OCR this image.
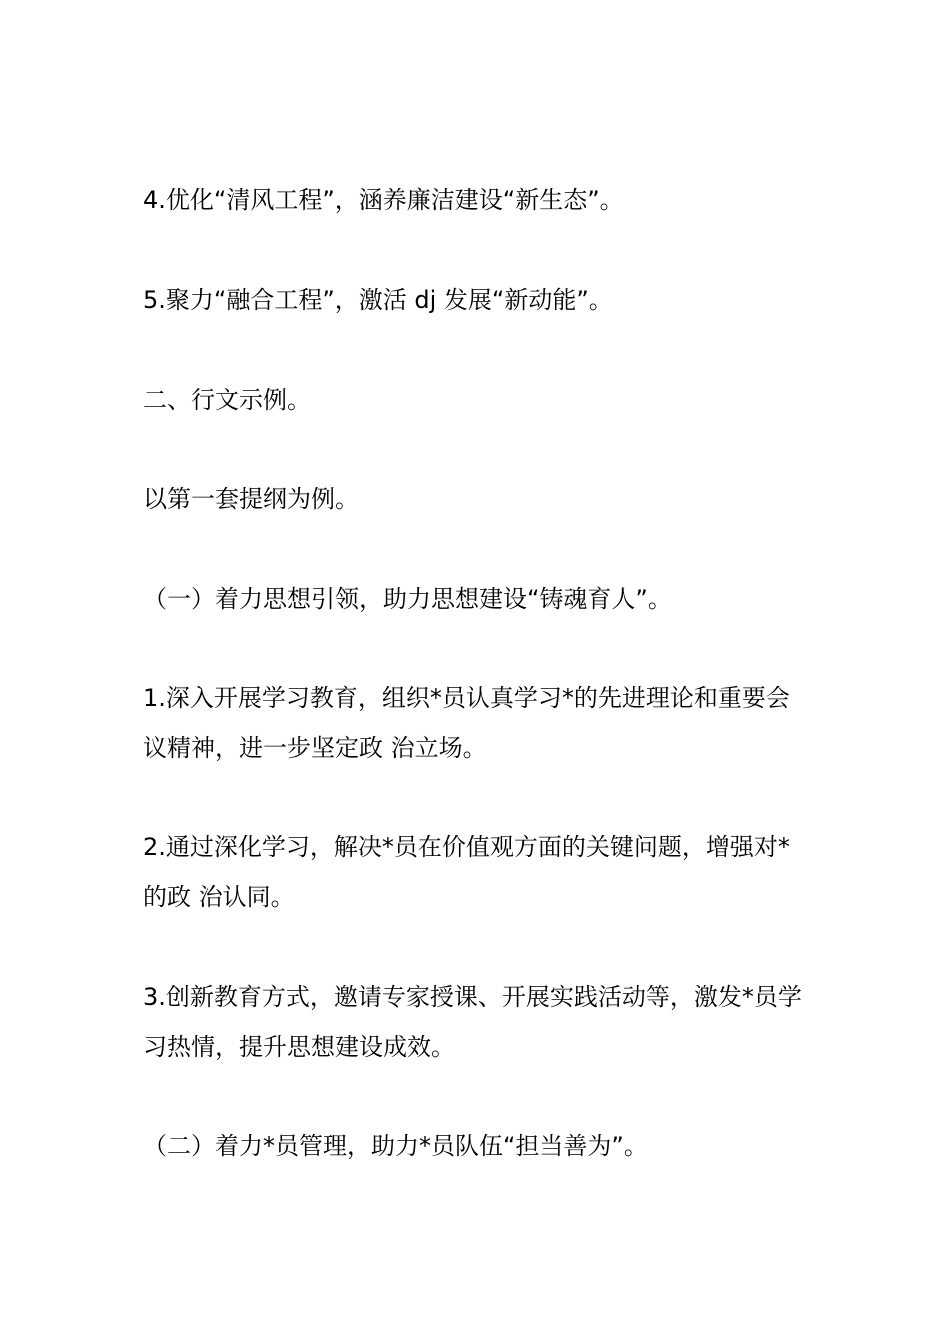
4.优化“清风工程”，涵养廉洁建设“新生态”。

5.聚力“融合工程”，激活 dj 发展“新动能”。

二、行文示例。

以第一套提纲为例。

（一）着力思想引领，助力思想建设“铸魂育人”。

1.深入开展学习教育，组织*员认真学习*的先进理论和重要会议精神，进一步坚定政 治立场。

2.通过深化学习，解决*员在价值观方面的关键问题，增强对*的政 治认同。

3.创新教育方式，邀请专家授课、开展实践活动等，激发*员学习热情，提升思想建设成效。

（二）着力*员管理，助力*员队伍“担当善为”。
